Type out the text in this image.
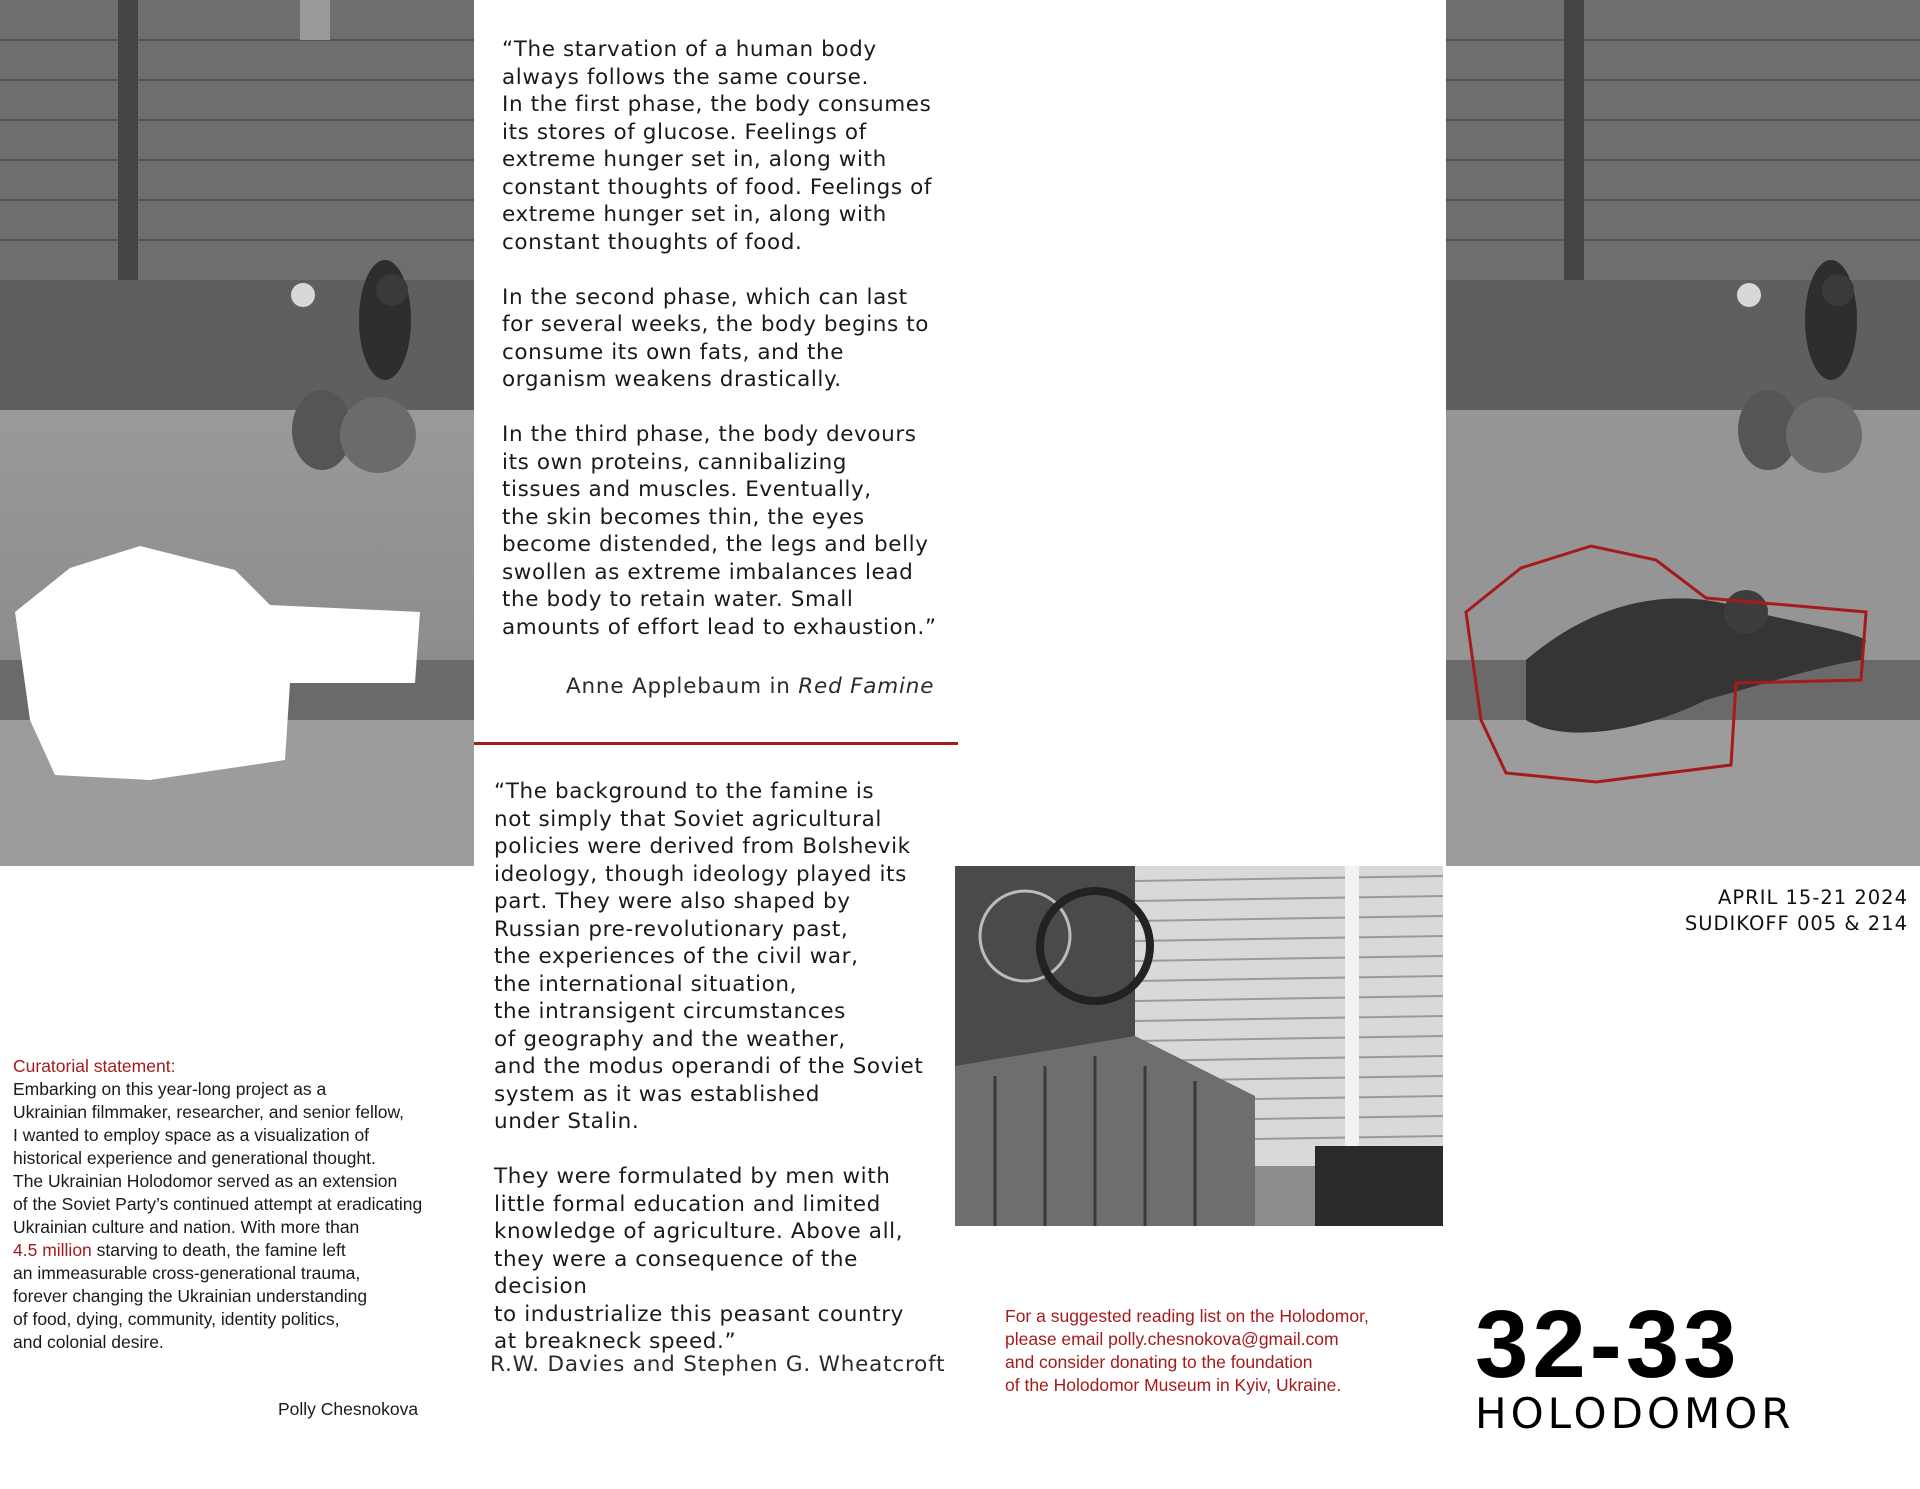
“The starvation of a human body
always follows the same course.
In the first phase, the body consumes
its stores of glucose. Feelings of
extreme hunger set in, along with
constant thoughts of food. Feelings of
extreme hunger set in, along with
constant thoughts of food.

In the second phase, which can last
for several weeks, the body begins to
consume its own fats, and the
organism weakens drastically.

In the third phase, the body devours
its own proteins, cannibalizing
tissues and muscles. Eventually,
the skin becomes thin, the eyes
become distended, the legs and belly
swollen as extreme imbalances lead
the body to retain water. Small
amounts of effort lead to exhaustion.”
Anne Applebaum in Red Famine
“The background to the famine is
not simply that Soviet agricultural
policies were derived from Bolshevik
ideology, though ideology played its
part. They were also shaped by
Russian pre-revolutionary past,
the experiences of the civil war,
the international situation,
the intransigent circumstances
of geography and the weather,
and the modus operandi of the Soviet
system as it was established
under Stalin.

They were formulated by men with
little formal education and limited
knowledge of agriculture. Above all,
they were a consequence of the decision
to industrialize this peasant country
at breakneck speed.”
R.W. Davies and Stephen G. Wheatcroft

Curatorial statement:

Embarking on this year-long project as a
Ukrainian filmmaker, researcher, and senior fellow,
I wanted to employ space as a visualization of
historical experience and generational thought.
The Ukrainian Holodomor served as an extension
of the Soviet Party’s continued attempt at eradicating
Ukrainian culture and nation. With more than
4.5 million starving to death, the famine left
an immeasurable cross-generational trauma,
forever changing the Ukrainian understanding
of food, dying, community, identity politics,
and colonial desire.

Polly Chesnokova
APRIL 15-21 2024
SUDIKOFF 005 & 214
For a suggested reading list on the Holodomor,
please email polly.chesnokova@gmail.com
and consider donating to the foundation
of the Holodomor Museum in Kyiv, Ukraine.	32-33
HOLODOMOR
